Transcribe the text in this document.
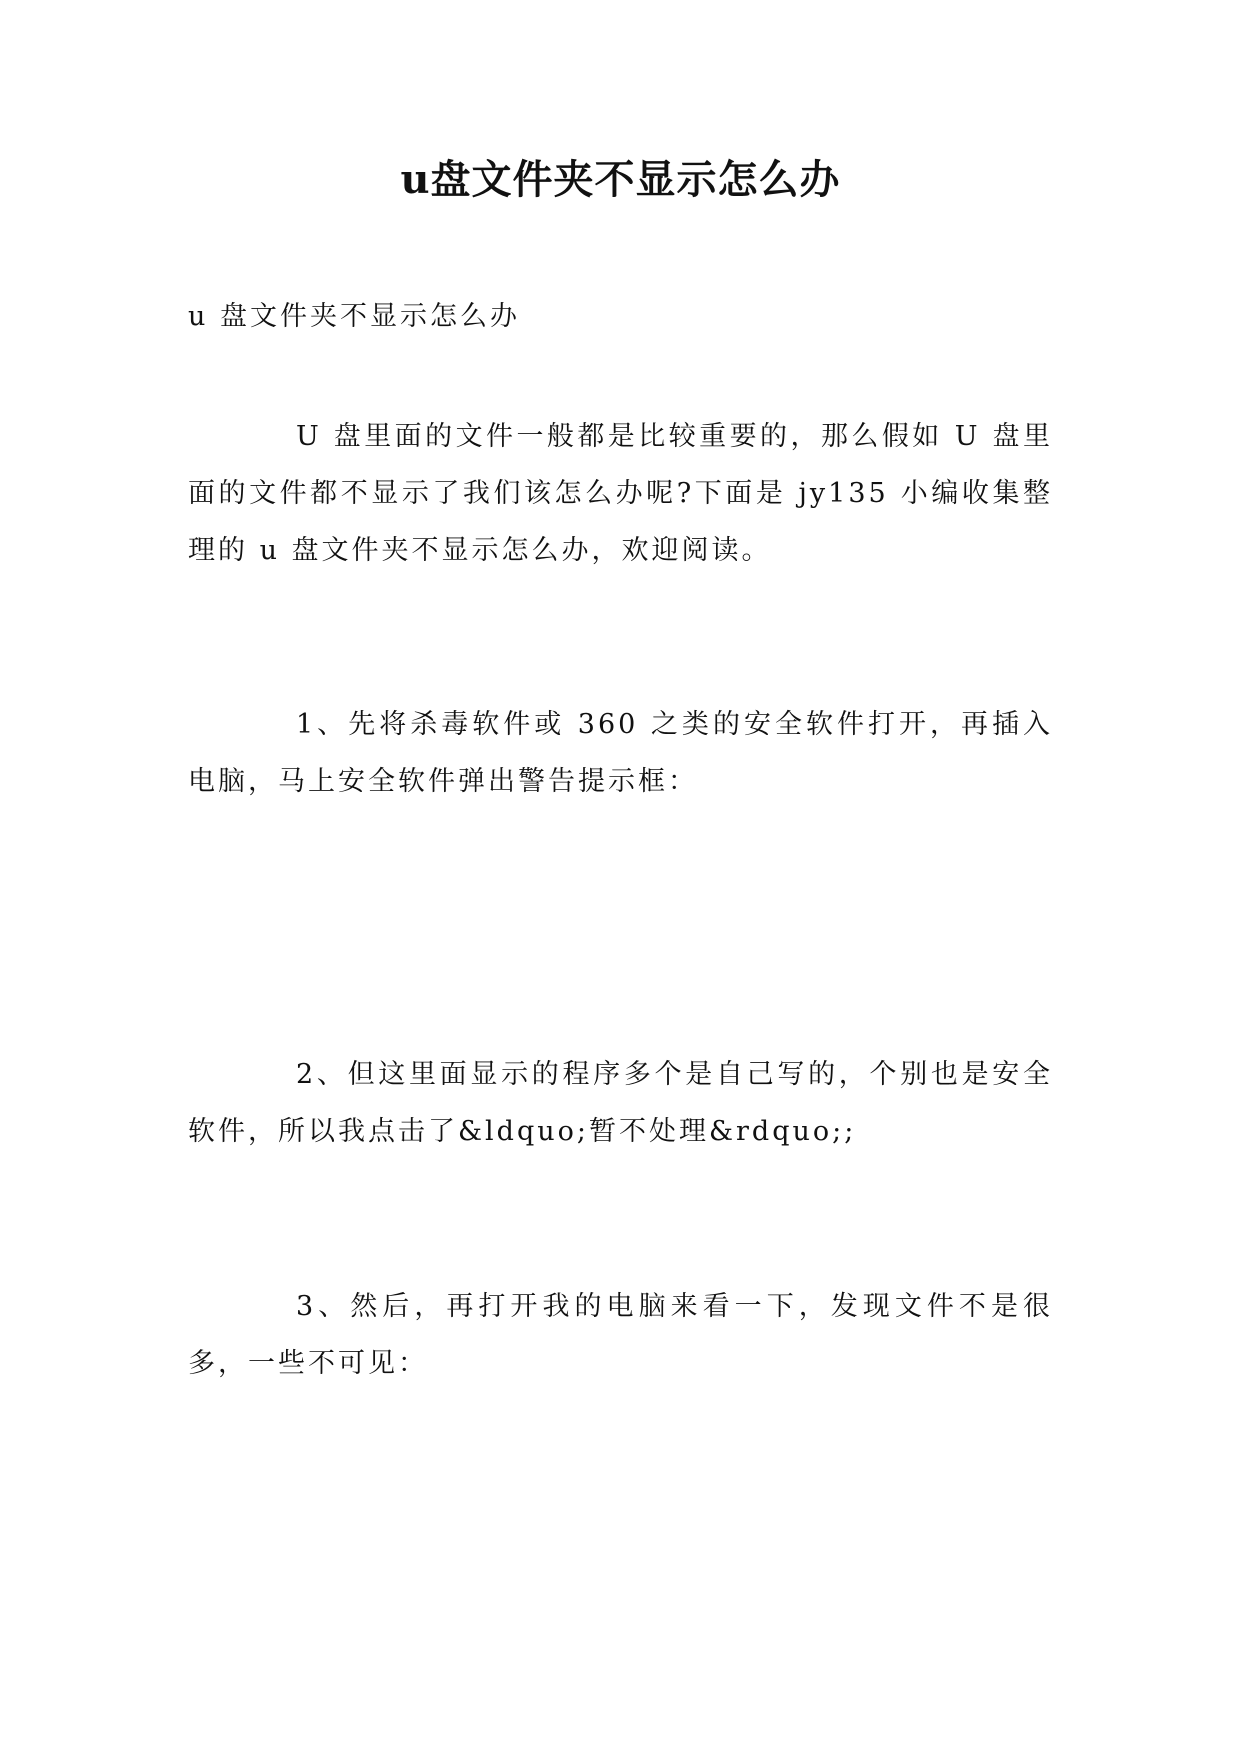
u盘文件夹不显示怎么办
u 盘文件夹不显示怎么办
U 盘里面的文件一般都是比较重要的，那么假如 U 盘里面的文件都不显示了我们该怎么办呢?下面是 jy135 小编收集整理的 u 盘文件夹不显示怎么办，欢迎阅读。
1、先将杀毒软件或 360 之类的安全软件打开，再插入电脑，马上安全软件弹出警告提示框：
2、但这里面显示的程序多个是自己写的，个别也是安全软件，所以我点击了&ldquo;暂不处理&rdquo;;
3、然后，再打开我的电脑来看一下，发现文件不是很多，一些不可见：
